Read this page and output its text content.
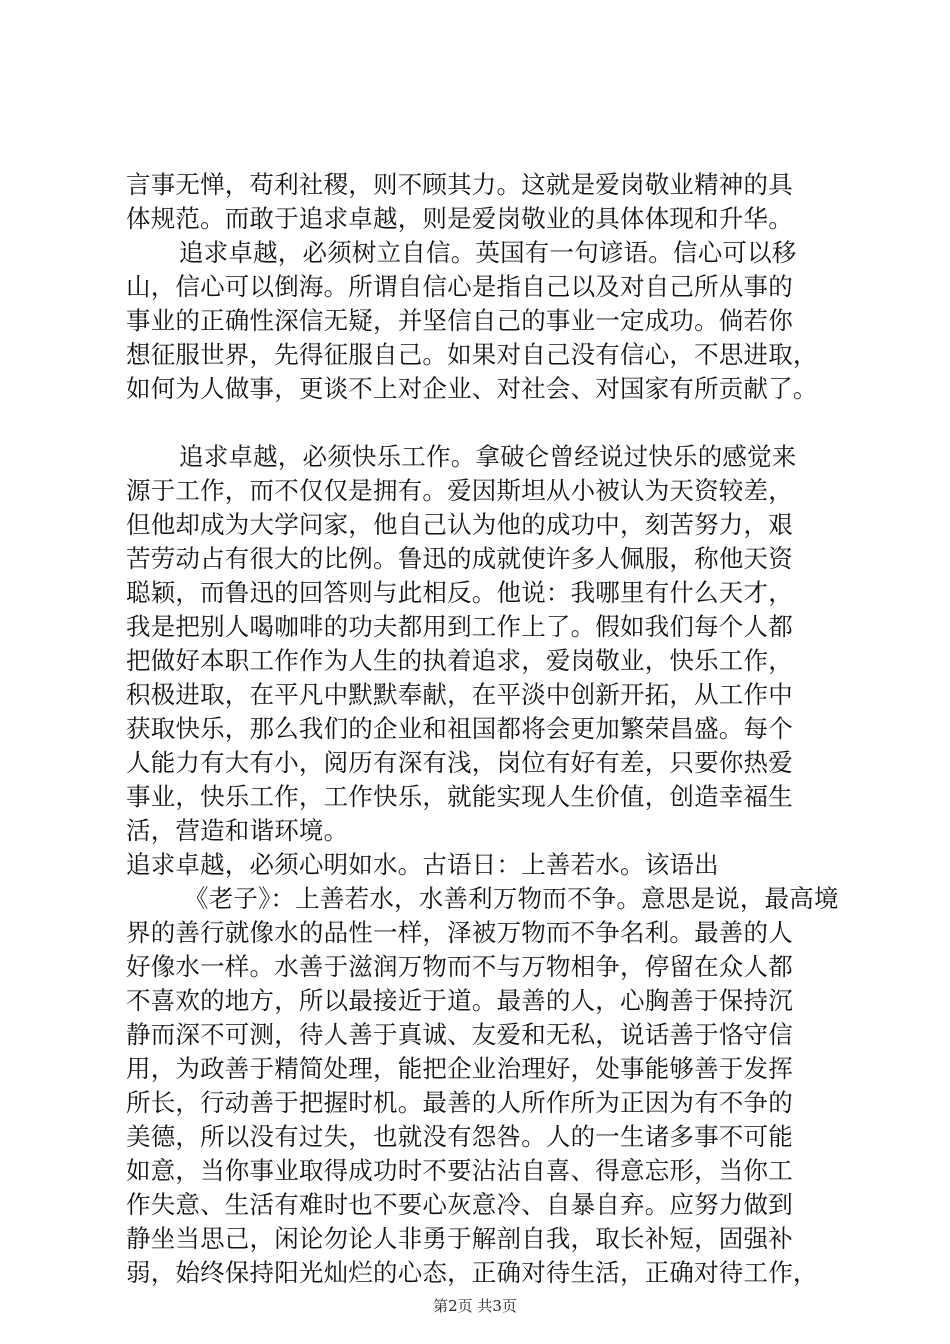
言事无惮，苟利社稷，则不顾其力。这就是爱岗敬业精神的具
体规范。而敢于追求卓越，则是爱岗敬业的具体体现和升华。
追求卓越，必须树立自信。英国有一句谚语。信心可以移
山，信心可以倒海。所谓自信心是指自己以及对自己所从事的
事业的正确性深信无疑，并坚信自己的事业一定成功。倘若你
想征服世界，先得征服自己。如果对自己没有信心，不思进取，
如何为人做事，更谈不上对企业、对社会、对国家有所贡献了。
追求卓越，必须快乐工作。拿破仑曾经说过快乐的感觉来
源于工作，而不仅仅是拥有。爱因斯坦从小被认为天资较差，
但他却成为大学问家，他自己认为他的成功中，刻苦努力，艰
苦劳动占有很大的比例。鲁迅的成就使许多人佩服，称他天资
聪颖，而鲁迅的回答则与此相反。他说：我哪里有什么天才，
我是把别人喝咖啡的功夫都用到工作上了。假如我们每个人都
把做好本职工作作为人生的执着追求，爱岗敬业，快乐工作，
积极进取，在平凡中默默奉献，在平淡中创新开拓，从工作中
获取快乐，那么我们的企业和祖国都将会更加繁荣昌盛。每个
人能力有大有小，阅历有深有浅，岗位有好有差，只要你热爱
事业，快乐工作，工作快乐，就能实现人生价值，创造幸福生
活，营造和谐环境。
追求卓越，必须心明如水。古语日：上善若水。该语出
《老子》：上善若水，水善利万物而不争。意思是说，最高境
界的善行就像水的品性一样，泽被万物而不争名利。最善的人
好像水一样。水善于滋润万物而不与万物相争，停留在众人都
不喜欢的地方，所以最接近于道。最善的人，心胸善于保持沉
静而深不可测，待人善于真诚、友爱和无私，说话善于恪守信
用，为政善于精简处理，能把企业治理好，处事能够善于发挥
所长，行动善于把握时机。最善的人所作所为正因为有不争的
美德，所以没有过失，也就没有怨咎。人的一生诸多事不可能
如意，当你事业取得成功时不要沾沾自喜、得意忘形，当你工
作失意、生活有难时也不要心灰意冷、自暴自弃。应努力做到
静坐当思己，闲论勿论人非勇于解剖自我，取长补短，固强补
弱，始终保持阳光灿烂的心态，正确对待生活，正确对待工作，
第2页 共3页
